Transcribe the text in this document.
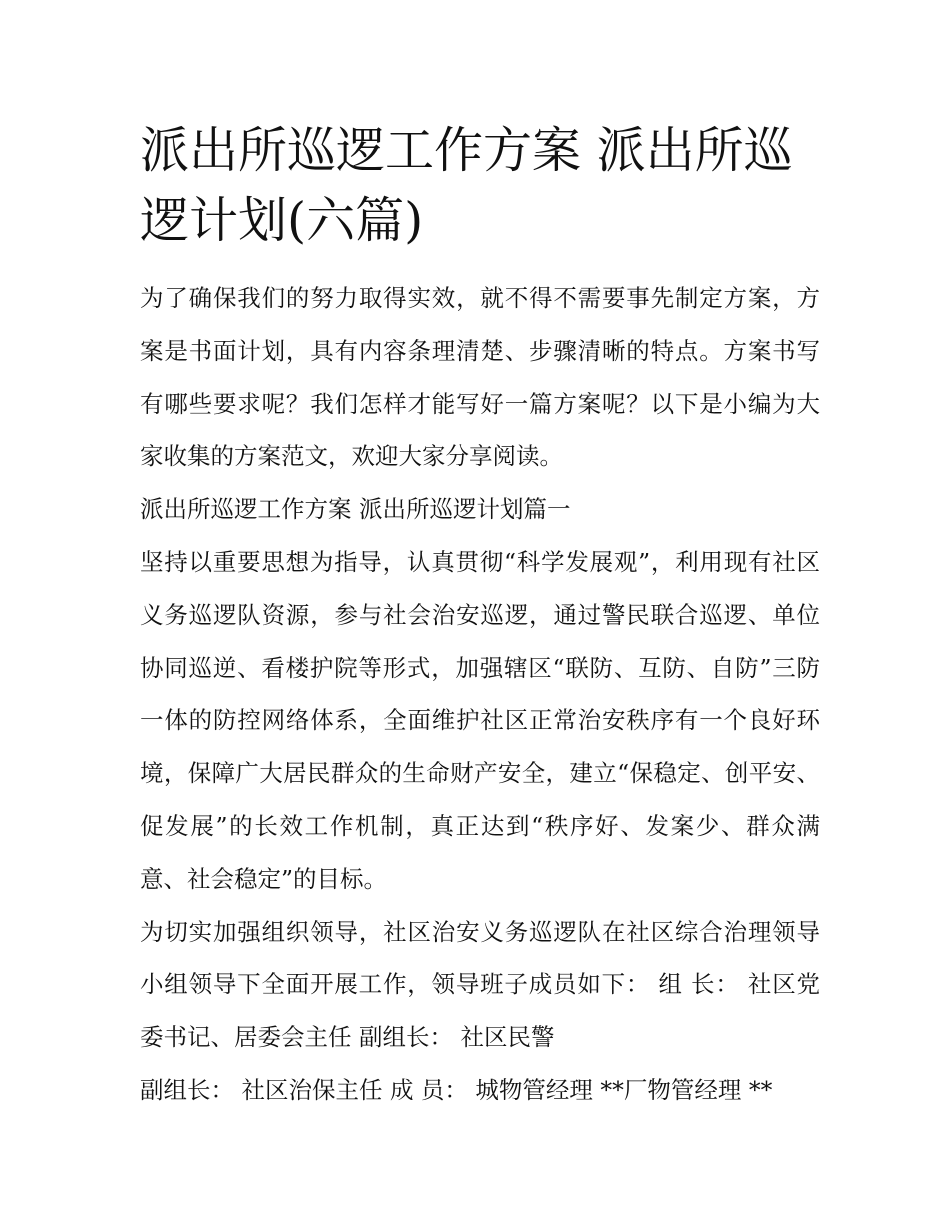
派出所巡逻工作方案 派出所巡逻计划(六篇)

为了确保我们的努力取得实效，就不得不需要事先制定方案，方案是书面计划，具有内容条理清楚、步骤清晰的特点。方案书写有哪些要求呢？我们怎样才能写好一篇方案呢？以下是小编为大家收集的方案范文，欢迎大家分享阅读。

派出所巡逻工作方案 派出所巡逻计划篇一

坚持以重要思想为指导，认真贯彻“科学发展观”，利用现有社区义务巡逻队资源，参与社会治安巡逻，通过警民联合巡逻、单位协同巡逆、看楼护院等形式，加强辖区“联防、互防、自防”三防一体的防控网络体系，全面维护社区正常治安秩序有一个良好环境，保障广大居民群众的生命财产安全，建立“保稳定、创平安、促发展”的长效工作机制，真正达到“秩序好、发案少、群众满意、社会稳定”的目标。

为切实加强组织领导，社区治安义务巡逻队在社区综合治理领导小组领导下全面开展工作，领导班子成员如下： 组 长： 社区党委书记、居委会主任 副组长： 社区民警

副组长： 社区治保主任 成 员： 城物管经理 **厂物管经理 **
